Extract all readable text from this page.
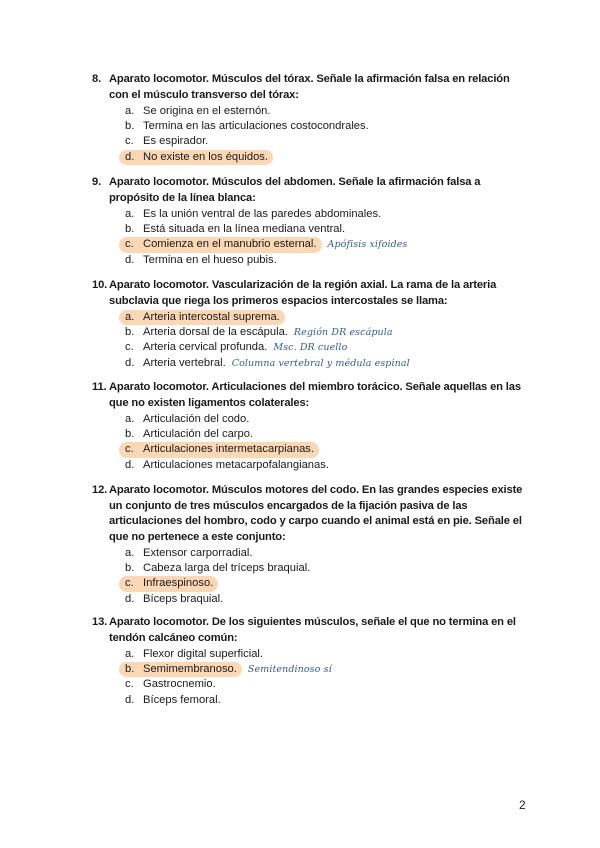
8. Aparato locomotor. Músculos del tórax. Señale la afirmación falsa en relación con el músculo transverso del tórax:
a. Se origina en el esternón.
b. Termina en las articulaciones costocondrales.
c. Es espirador.
d. No existe en los équidos.
9. Aparato locomotor. Músculos del abdomen. Señale la afirmación falsa a propósito de la línea blanca:
a. Es la unión ventral de las paredes abdominales.
b. Está situada en la línea mediana ventral.
c. Comienza en el manubrio esternal. Apófisis xifoides
d. Termina en el hueso pubis.
10. Aparato locomotor. Vascularización de la región axial. La rama de la arteria subclavia que riega los primeros espacios intercostales se llama:
a. Arteria intercostal suprema.
b. Arteria dorsal de la escápula. Región DR escápula
c. Arteria cervical profunda. Msc. DR cuello
d. Arteria vertebral. Columna vertebral y médula espinal
11. Aparato locomotor. Articulaciones del miembro torácico. Señale aquellas en las que no existen ligamentos colaterales:
a. Articulación del codo.
b. Articulación del carpo.
c. Articulaciones intermetacarpianas.
d. Articulaciones metacarpofalangianas.
12. Aparato locomotor. Músculos motores del codo. En las grandes especies existe un conjunto de tres músculos encargados de la fijación pasiva de las articulaciones del hombro, codo y carpo cuando el animal está en pie. Señale el que no pertenece a este conjunto:
a. Extensor carporradial.
b. Cabeza larga del tríceps braquial.
c. Infraespinoso.
d. Bíceps braquial.
13. Aparato locomotor. De los siguientes músculos, señale el que no termina en el tendón calcáneo común:
a. Flexor digital superficial.
b. Semimembranoso. Semitendinoso sí
c. Gastrocnemio.
d. Bíceps femoral.
2
